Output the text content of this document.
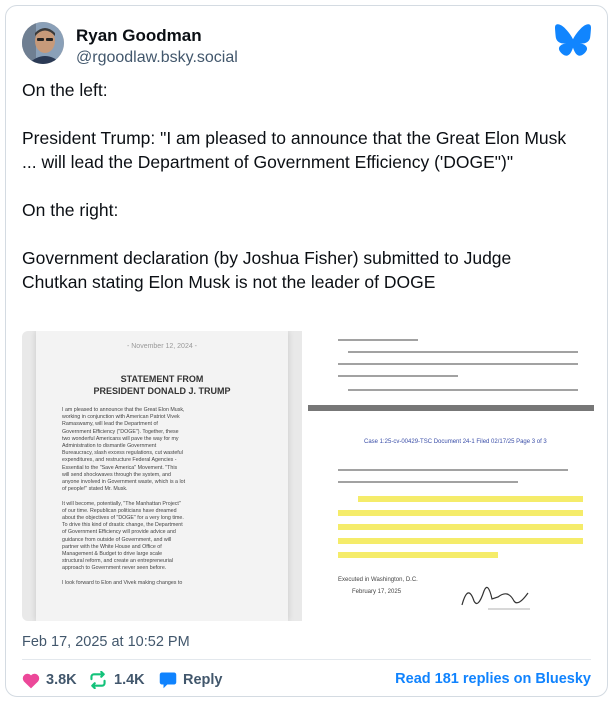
Ryan Goodman
@rgoodlaw.bsky.social

On the left:

President Trump: "I am pleased to announce that the Great Elon Musk
... will lead the Department of Government Efficiency ('DOGE")"

On the right:

Government declaration (by Joshua Fisher) submitted to Judge
Chutkan stating Elon Musk is not the leader of DOGE

- November 12, 2024 -
STATEMENT FROM
PRESIDENT DONALD J. TRUMP
I am pleased to announce that the Great Elon Musk,
working in conjunction with American Patriot Vivek
Ramaswamy, will lead the Department of
Government Efficiency ("DOGE"). Together, these
two wonderful Americans will pave the way for my
Administration to dismantle Government
Bureaucracy, slash excess regulations, cut wasteful
expenditures, and restructure Federal Agencies -
Essential to the "Save America" Movement. "This
will send shockwaves through the system, and
anyone involved in Government waste, which is a lot
of people!" stated Mr. Musk.

It will become, potentially, "The Manhattan Project"
of our time. Republican politicians have dreamed
about the objectives of "DOGE" for a very long time.
To drive this kind of drastic change, the Department
of Government Efficiency will provide advice and
guidance from outside of Government, and will
partner with the White House and Office of
Management & Budget to drive large scale
structural reform, and create an entrepreneurial
approach to Government never seen before.

I look forward to Elon and Vivek making changes to
Case 1:25-cv-00429-TSC Document 24-1 Filed 02/17/25 Page 3 of 3
Executed in Washington, D.C.
February 17, 2025
Feb 17, 2025 at 10:52 PM
3.8K	1.4K	Reply	Read 181 replies on Bluesky
